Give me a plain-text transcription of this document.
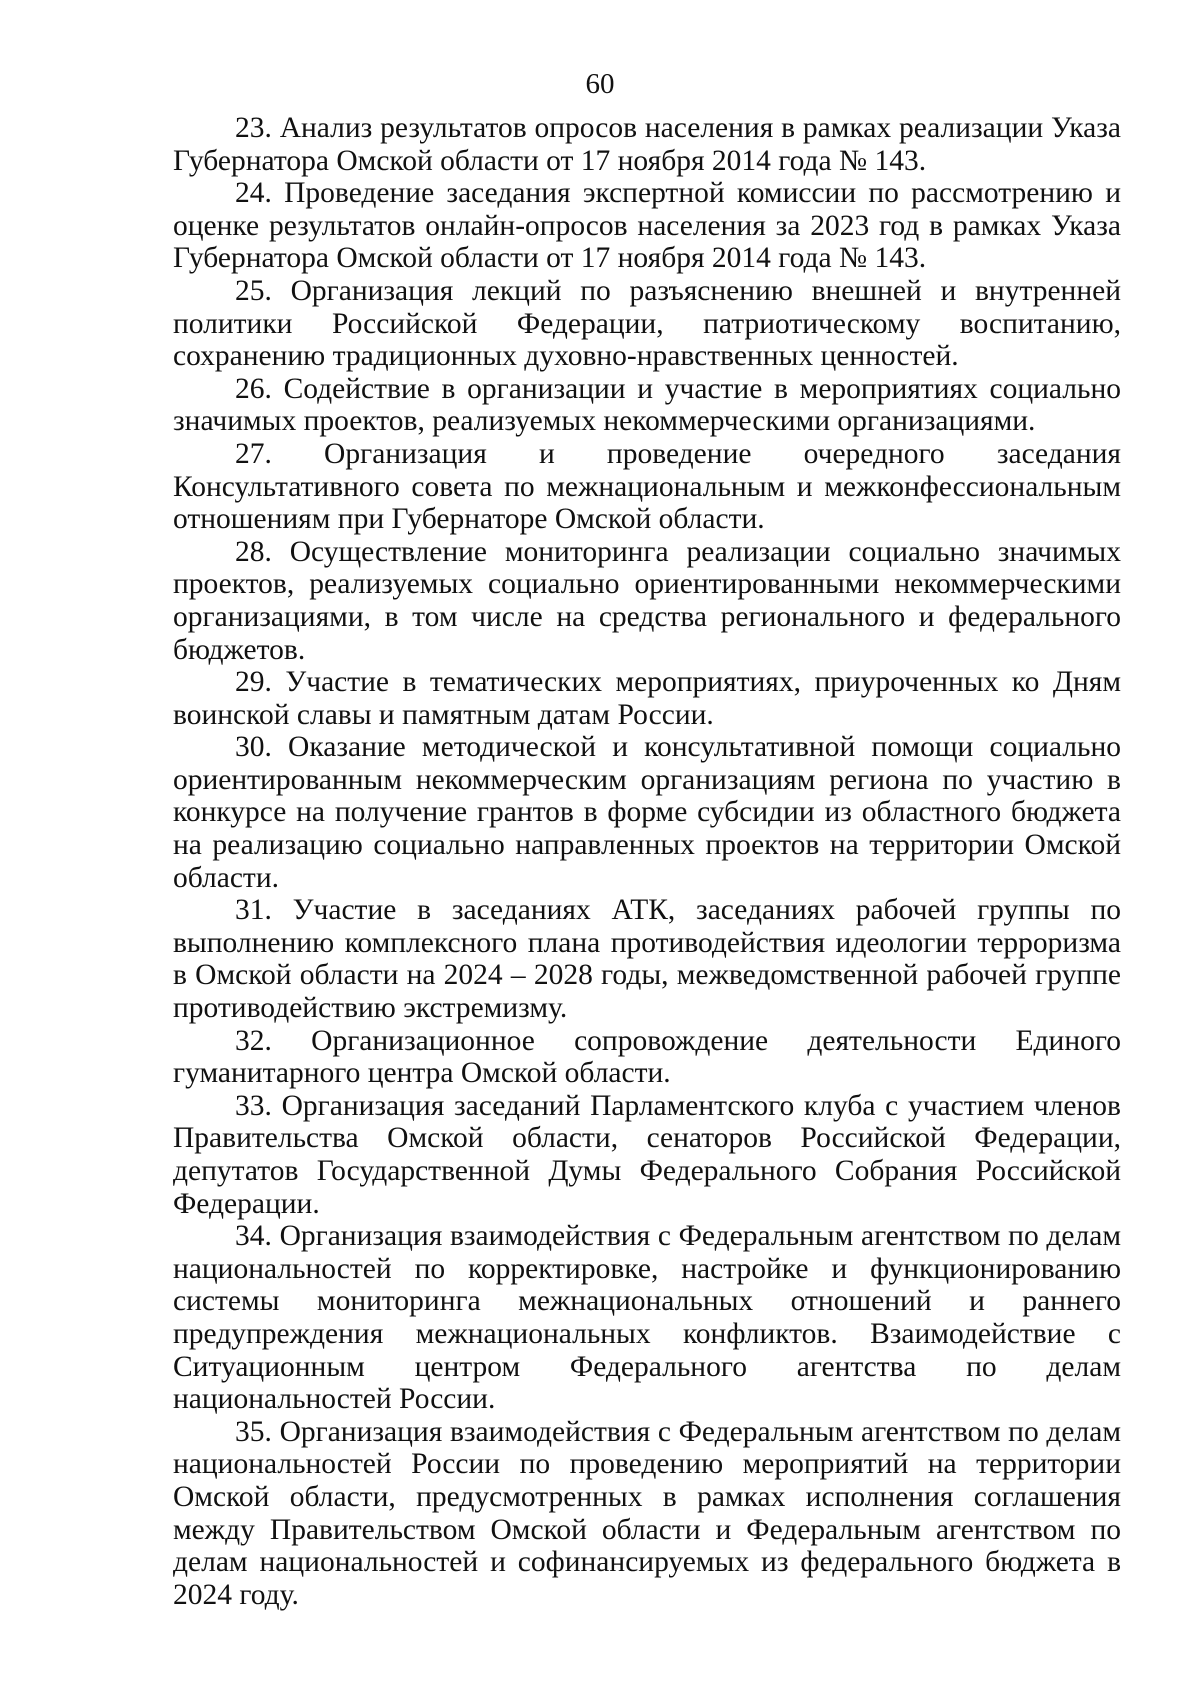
60

23. Анализ результатов опросов населения в рамках реализации Указа Губернатора Омской области от 17 ноября 2014 года № 143.

24. Проведение заседания экспертной комиссии по рассмотрению и оценке результатов онлайн-опросов населения за 2023 год в рамках Указа Губернатора Омской области от 17 ноября 2014 года № 143.

25. Организация лекций по разъяснению внешней и внутренней политики Российской Федерации, патриотическому воспитанию, сохранению традиционных духовно-нравственных ценностей.

26. Содействие в организации и участие в мероприятиях социально значимых проектов, реализуемых некоммерческими организациями.

27. Организация и проведение очередного заседания Консультативного совета по межнациональным и межконфессиональным отношениям при Губернаторе Омской области.

28. Осуществление мониторинга реализации социально значимых проектов, реализуемых социально ориентированными некоммерческими организациями, в том числе на средства регионального и федерального бюджетов.

29. Участие в тематических мероприятиях, приуроченных ко Дням воинской славы и памятным датам России.

30. Оказание методической и консультативной помощи социально ориентированным некоммерческим организациям региона по участию в конкурсе на получение грантов в форме субсидии из областного бюджета на реализацию социально направленных проектов на территории Омской области.

31. Участие в заседаниях АТК, заседаниях рабочей группы по выполнению комплексного плана противодействия идеологии терроризма в Омской области на 2024 – 2028 годы, межведомственной рабочей группе противодействию экстремизму.

32. Организационное сопровождение деятельности Единого гуманитарного центра Омской области.

33. Организация заседаний Парламентского клуба с участием членов Правительства Омской области, сенаторов Российской Федерации, депутатов Государственной Думы Федерального Собрания Российской Федерации.

34. Организация взаимодействия с Федеральным агентством по делам национальностей по корректировке, настройке и функционированию системы мониторинга межнациональных отношений и раннего предупреждения межнациональных конфликтов. Взаимодействие с Ситуационным центром Федерального агентства по делам национальностей России.

35. Организация взаимодействия с Федеральным агентством по делам национальностей России по проведению мероприятий на территории Омской области, предусмотренных в рамках исполнения соглашения между Правительством Омской области и Федеральным агентством по делам национальностей и софинансируемых из федерального бюджета в 2024 году.
